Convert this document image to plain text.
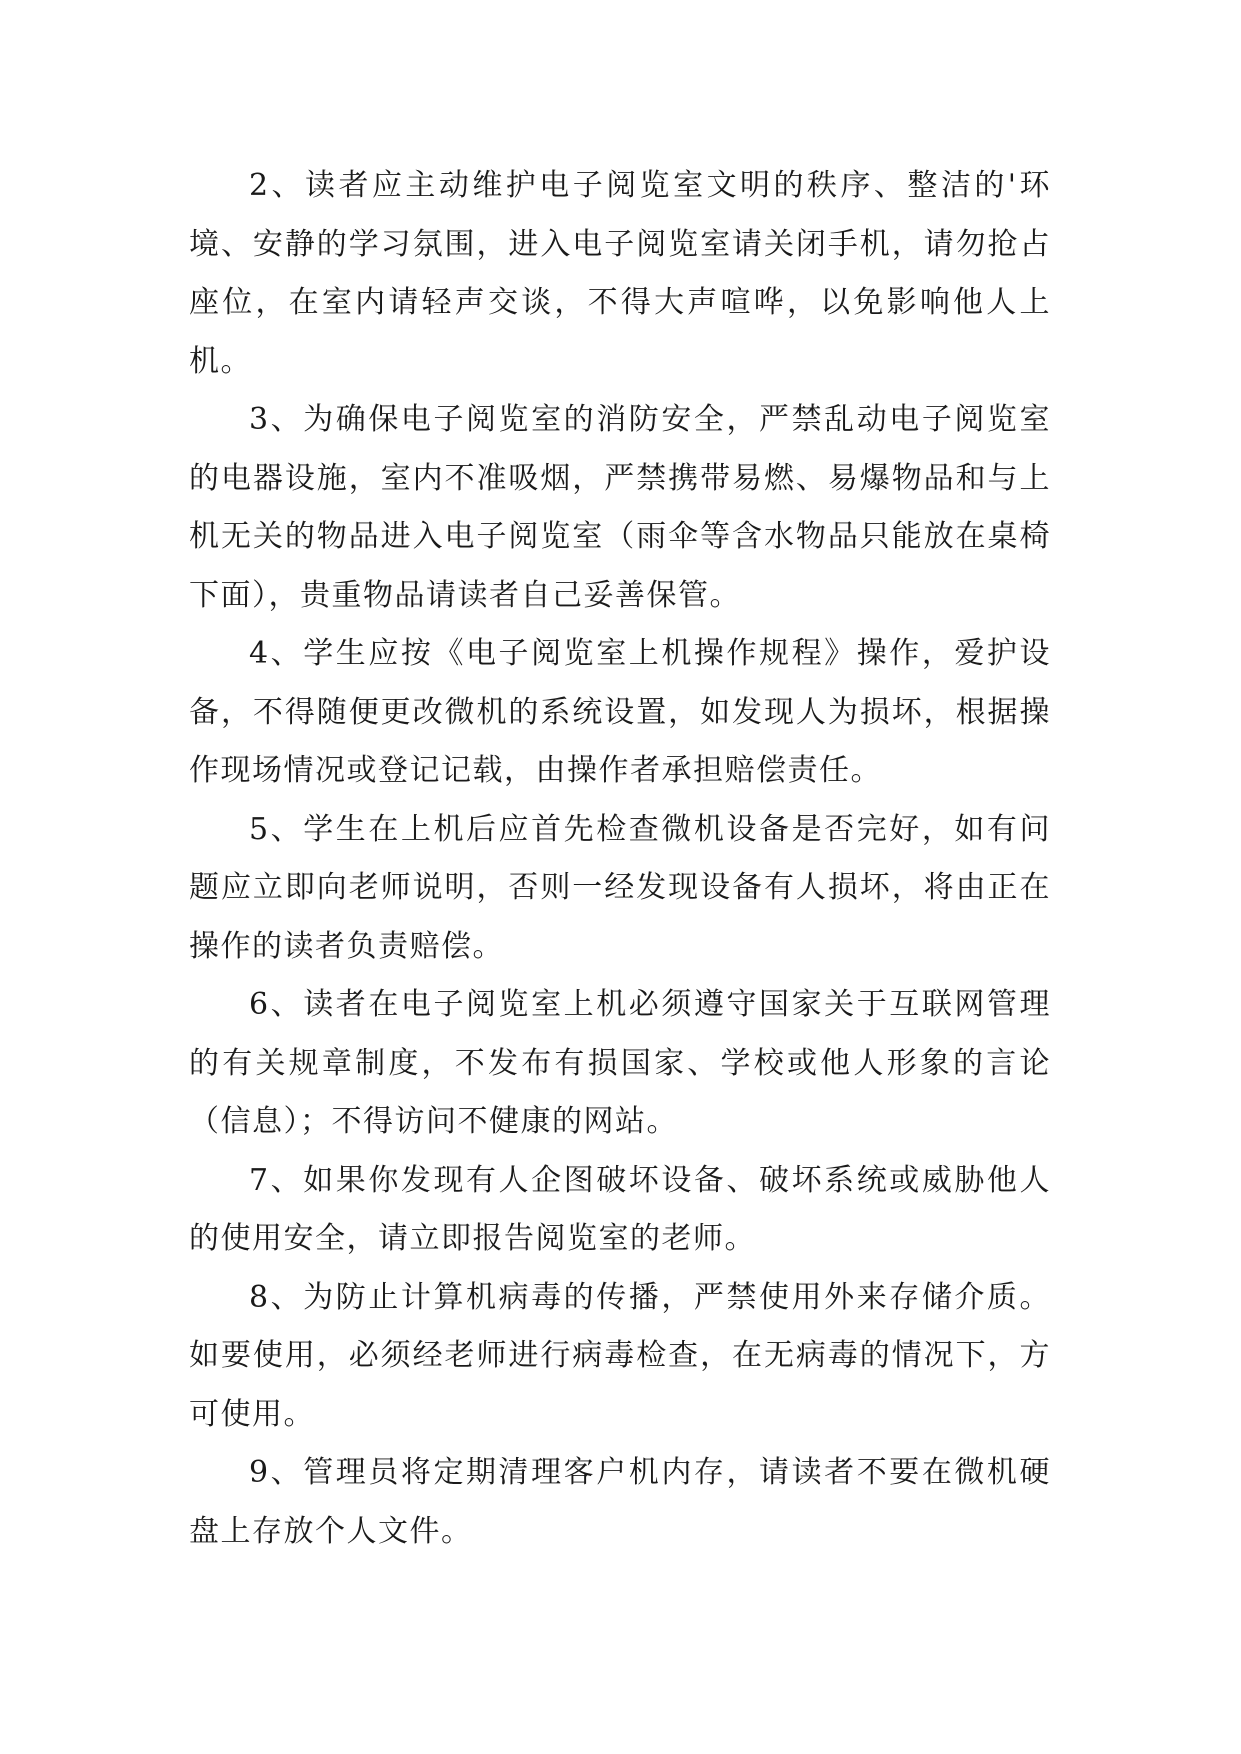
2、读者应主动维护电子阅览室文明的秩序、整洁的'环境、安静的学习氛围，进入电子阅览室请关闭手机，请勿抢占座位，在室内请轻声交谈，不得大声喧哗，以免影响他人上机。

3、为确保电子阅览室的消防安全，严禁乱动电子阅览室的电器设施，室内不准吸烟，严禁携带易燃、易爆物品和与上机无关的物品进入电子阅览室（雨伞等含水物品只能放在桌椅下面），贵重物品请读者自己妥善保管。

4、学生应按《电子阅览室上机操作规程》操作，爱护设备，不得随便更改微机的系统设置，如发现人为损坏，根据操作现场情况或登记记载，由操作者承担赔偿责任。

5、学生在上机后应首先检查微机设备是否完好，如有问题应立即向老师说明，否则一经发现设备有人损坏，将由正在操作的读者负责赔偿。

6、读者在电子阅览室上机必须遵守国家关于互联网管理的有关规章制度，不发布有损国家、学校或他人形象的言论（信息）；不得访问不健康的网站。

7、如果你发现有人企图破坏设备、破坏系统或威胁他人的使用安全，请立即报告阅览室的老师。

8、为防止计算机病毒的传播，严禁使用外来存储介质。如要使用，必须经老师进行病毒检查，在无病毒的情况下，方可使用。

9、管理员将定期清理客户机内存，请读者不要在微机硬盘上存放个人文件。
